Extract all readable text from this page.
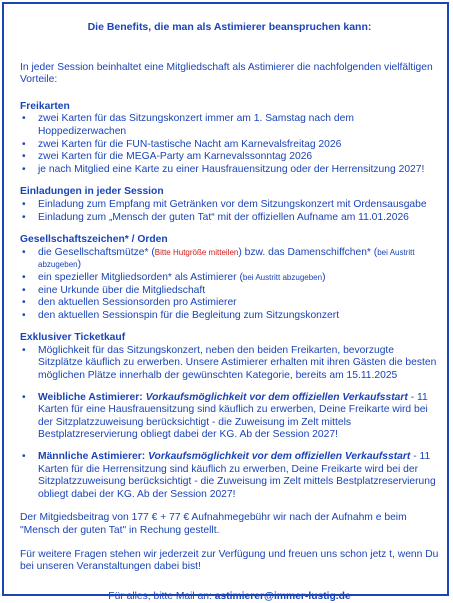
Die Benefits, die man als Astimierer beanspruchen kann:

In jeder Session beinhaltet eine Mitgliedschaft als Astimierer die nachfolgenden vielfältigen Vorteile:
Freikarten
• zwei Karten für das Sitzungskonzert immer am 1. Samstag nach dem Hoppedizerwachen
• zwei Karten für die FUN-tastische Nacht am Karnevalsfreitag 2026
• zwei Karten für die MEGA-Party am Karnevalssonntag 2026
• je nach Mitglied eine Karte zu einer Hausfrauensitzung oder der Herrensitzung 2027!
Einladungen in jeder Session
• Einladung zum Empfang mit Getränken vor dem Sitzungskonzert mit Ordensausgabe
• Einladung zum „Mensch der guten Tat“ mit der offiziellen Aufname am 11.01.2026
Gesellschaftszeichen* / Orden
• die Gesellschaftsmütze* (Bitte Hutgröße mitteilen) bzw. das Damenschiffchen* (bei Austritt abzugeben)
• ein spezieller Mitgliedsorden* als Astimierer (bei Austritt abzugeben)
• eine Urkunde über die Mitgliedschaft
• den aktuellen Sessionsorden pro Astimierer
• den aktuellen Sessionspin für die Begleitung zum Sitzungskonzert
Exklusiver Ticketkauf
• Möglichkeit für das Sitzungskonzert, neben den beiden Freikarten, bevorzugte Sitzplätze käuflich zu erwerben. Unsere Astimierer erhalten mit ihren Gästen die besten möglichen Plätze innerhalb der gewünschten Kategorie, bereits am 15.11.2025
• Weibliche Astimierer: Vorkaufsmöglichkeit vor dem offiziellen Verkaufsstart - 11 Karten für eine Hausfrauensitzung sind käuflich zu erwerben, Deine Freikarte wird bei der Sitzplatzzuweisung berücksichtigt - die Zuweisung im Zelt mittels Bestplatzreservierung obliegt dabei der KG. Ab der Session 2027!
• Männliche Astimierer: Vorkaufsmöglichkeit vor dem offiziellen Verkaufsstart - 11 Karten für die Herrensitzung sind käuflich zu erwerben, Deine Freikarte wird bei der Sitzplatzzuweisung berücksichtigt - die Zuweisung im Zelt mittels Bestplatzreservierung obliegt dabei der KG. Ab der Session 2027!
Der Mitgiedsbeitrag von 177 € + 77 € Aufnahmegebühr wir nach der Aufnahm e beim "Mensch der guten Tat" in Rechung gestellt.
Für weitere Fragen stehen wir jederzeit zur Verfügung und freuen uns schon jetz t, wenn Du bei unseren Veranstaltungen dabei bist!
Für alles, bitte Mail an: astimierer@immer-lustig.de
